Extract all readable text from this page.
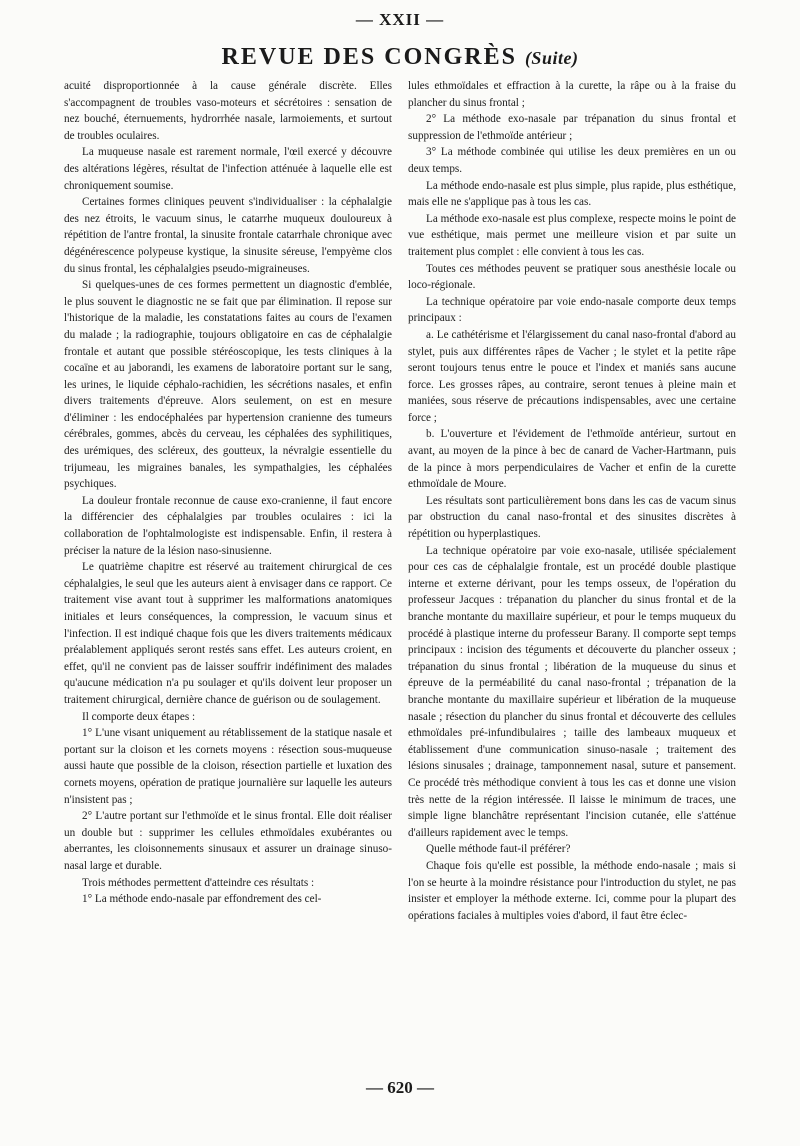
— XXII —
REVUE DES CONGRÈS (Suite)

acuité disproportionnée à la cause générale discrète. Elles s'accompagnent de troubles vaso-moteurs et sécrétoires : sensation de nez bouché, éternuements, hydrorrhée nasale, larmoiements, et surtout de troubles oculaires.

La muqueuse nasale est rarement normale, l'œil exercé y découvre des altérations légères, résultat de l'infection atténuée à laquelle elle est chroniquement soumise.

Certaines formes cliniques peuvent s'individualiser : la céphalalgie des nez étroits, le vacuum sinus, le catarrhe muqueux douloureux à répétition de l'antre frontal, la sinusite frontale catarrhale chronique avec dégénérescence polypeuse kystique, la sinusite séreuse, l'empyème clos du sinus frontal, les céphalalgies pseudo-migraineuses.

Si quelques-unes de ces formes permettent un diagnostic d'emblée, le plus souvent le diagnostic ne se fait que par élimination. Il repose sur l'historique de la maladie, les constatations faites au cours de l'examen du malade ; la radiographie, toujours obligatoire en cas de céphalalgie frontale et autant que possible stéréoscopique, les tests cliniques à la cocaïne et au jaborandi, les examens de laboratoire portant sur le sang, les urines, le liquide céphalo-rachidien, les sécrétions nasales, et enfin divers traitements d'épreuve. Alors seulement, on est en mesure d'éliminer : les endocéphalées par hypertension cranienne des tumeurs cérébrales, gommes, abcès du cerveau, les céphalées des syphilitiques, des urémiques, des scléreux, des goutteux, la névralgie essentielle du trijumeau, les migraines banales, les sympathalgies, les céphalées psychiques.

La douleur frontale reconnue de cause exo-cranienne, il faut encore la différencier des céphalalgies par troubles oculaires : ici la collaboration de l'ophtalmologiste est indispensable. Enfin, il restera à préciser la nature de la lésion naso-sinusienne.

Le quatrième chapitre est réservé au traitement chirurgical de ces céphalalgies, le seul que les auteurs aient à envisager dans ce rapport. Ce traitement vise avant tout à supprimer les malformations anatomiques initiales et leurs conséquences, la compression, le vacuum sinus et l'infection. Il est indiqué chaque fois que les divers traitements médicaux préalablement appliqués seront restés sans effet. Les auteurs croient, en effet, qu'il ne convient pas de laisser souffrir indéfiniment des malades qu'aucune médication n'a pu soulager et qu'ils doivent leur proposer un traitement chirurgical, dernière chance de guérison ou de soulagement.

Il comporte deux étapes :

1° L'une visant uniquement au rétablissement de la statique nasale et portant sur la cloison et les cornets moyens : résection sous-muqueuse aussi haute que possible de la cloison, résection partielle et luxation des cornets moyens, opération de pratique journalière sur laquelle les auteurs n'insistent pas ;

2° L'autre portant sur l'ethmoïde et le sinus frontal. Elle doit réaliser un double but : supprimer les cellules ethmoïdales exubérantes ou aberrantes, les cloisonnements sinusaux et assurer un drainage sinuso-nasal large et durable.

Trois méthodes permettent d'atteindre ces résultats :

1° La méthode endo-nasale par effondrement des cel-

lules ethmoïdales et effraction à la curette, la râpe ou à la fraise du plancher du sinus frontal ;

2° La méthode exo-nasale par trépanation du sinus frontal et suppression de l'ethmoïde antérieur ;

3° La méthode combinée qui utilise les deux premières en un ou deux temps.

La méthode endo-nasale est plus simple, plus rapide, plus esthétique, mais elle ne s'applique pas à tous les cas.

La méthode exo-nasale est plus complexe, respecte moins le point de vue esthétique, mais permet une meilleure vision et par suite un traitement plus complet : elle convient à tous les cas.

Toutes ces méthodes peuvent se pratiquer sous anesthésie locale ou loco-régionale.

La technique opératoire par voie endo-nasale comporte deux temps principaux :

a. Le cathétérisme et l'élargissement du canal naso-frontal d'abord au stylet, puis aux différentes râpes de Vacher ; le stylet et la petite râpe seront toujours tenus entre le pouce et l'index et maniés sans aucune force. Les grosses râpes, au contraire, seront tenues à pleine main et maniées, sous réserve de précautions indispensables, avec une certaine force ;

b. L'ouverture et l'évidement de l'ethmoïde antérieur, surtout en avant, au moyen de la pince à bec de canard de Vacher-Hartmann, puis de la pince à mors perpendiculaires de Vacher et enfin de la curette ethmoïdale de Moure.

Les résultats sont particulièrement bons dans les cas de vacum sinus par obstruction du canal naso-frontal et des sinusites discrètes à répétition ou hyperplastiques.

La technique opératoire par voie exo-nasale, utilisée spécialement pour ces cas de céphalalgie frontale, est un procédé double plastique interne et externe dérivant, pour les temps osseux, de l'opération du professeur Jacques : trépanation du plancher du sinus frontal et de la branche montante du maxillaire supérieur, et pour le temps muqueux du procédé à plastique interne du professeur Barany. Il comporte sept temps principaux : incision des téguments et découverte du plancher osseux ; trépanation du sinus frontal ; libération de la muqueuse du sinus et épreuve de la perméabilité du canal naso-frontal ; trépanation de la branche montante du maxillaire supérieur et libération de la muqueuse nasale ; résection du plancher du sinus frontal et découverte des cellules ethmoïdales pré-infundibulaires ; taille des lambeaux muqueux et établissement d'une communication sinuso-nasale ; traitement des lésions sinusales ; drainage, tamponnement nasal, suture et pansement. Ce procédé très méthodique convient à tous les cas et donne une vision très nette de la région intéressée. Il laisse le minimum de traces, une simple ligne blanchâtre représentant l'incision cutanée, elle s'atténue d'ailleurs rapidement avec le temps.

Quelle méthode faut-il préférer?

Chaque fois qu'elle est possible, la méthode endo-nasale ; mais si l'on se heurte à la moindre résistance pour l'introduction du stylet, ne pas insister et employer la méthode externe. Ici, comme pour la plupart des opérations faciales à multiples voies d'abord, il faut être éclec-

— 620 —
